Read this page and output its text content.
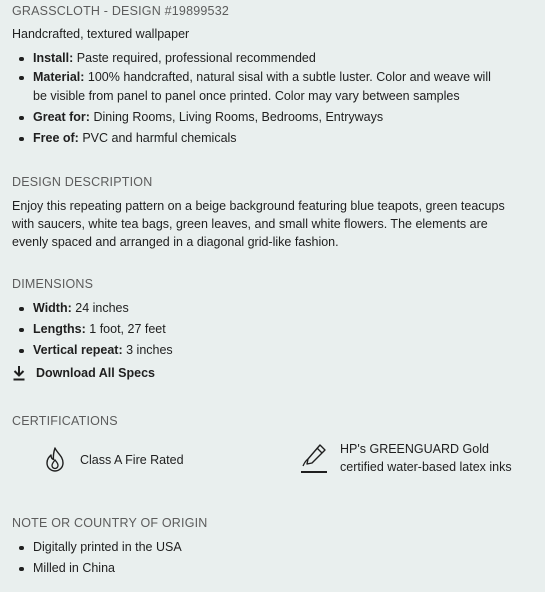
GRASSCLOTH - DESIGN #19899532
Handcrafted, textured wallpaper
Install: Paste required, professional recommended
Material: 100% handcrafted, natural sisal with a subtle luster. Color and weave will be visible from panel to panel once printed. Color may vary between samples
Great for: Dining Rooms, Living Rooms, Bedrooms, Entryways
Free of: PVC and harmful chemicals
DESIGN DESCRIPTION
Enjoy this repeating pattern on a beige background featuring blue teapots, green teacups with saucers, white tea bags, green leaves, and small white flowers. The elements are evenly spaced and arranged in a diagonal grid-like fashion.
DIMENSIONS
Width: 24 inches
Lengths: 1 foot, 27 feet
Vertical repeat: 3 inches
Download All Specs
CERTIFICATIONS
Class A Fire Rated
HP's GREENGUARD Gold
certified water-based latex inks
NOTE OR COUNTRY OF ORIGIN
Digitally printed in the USA
Milled in China
